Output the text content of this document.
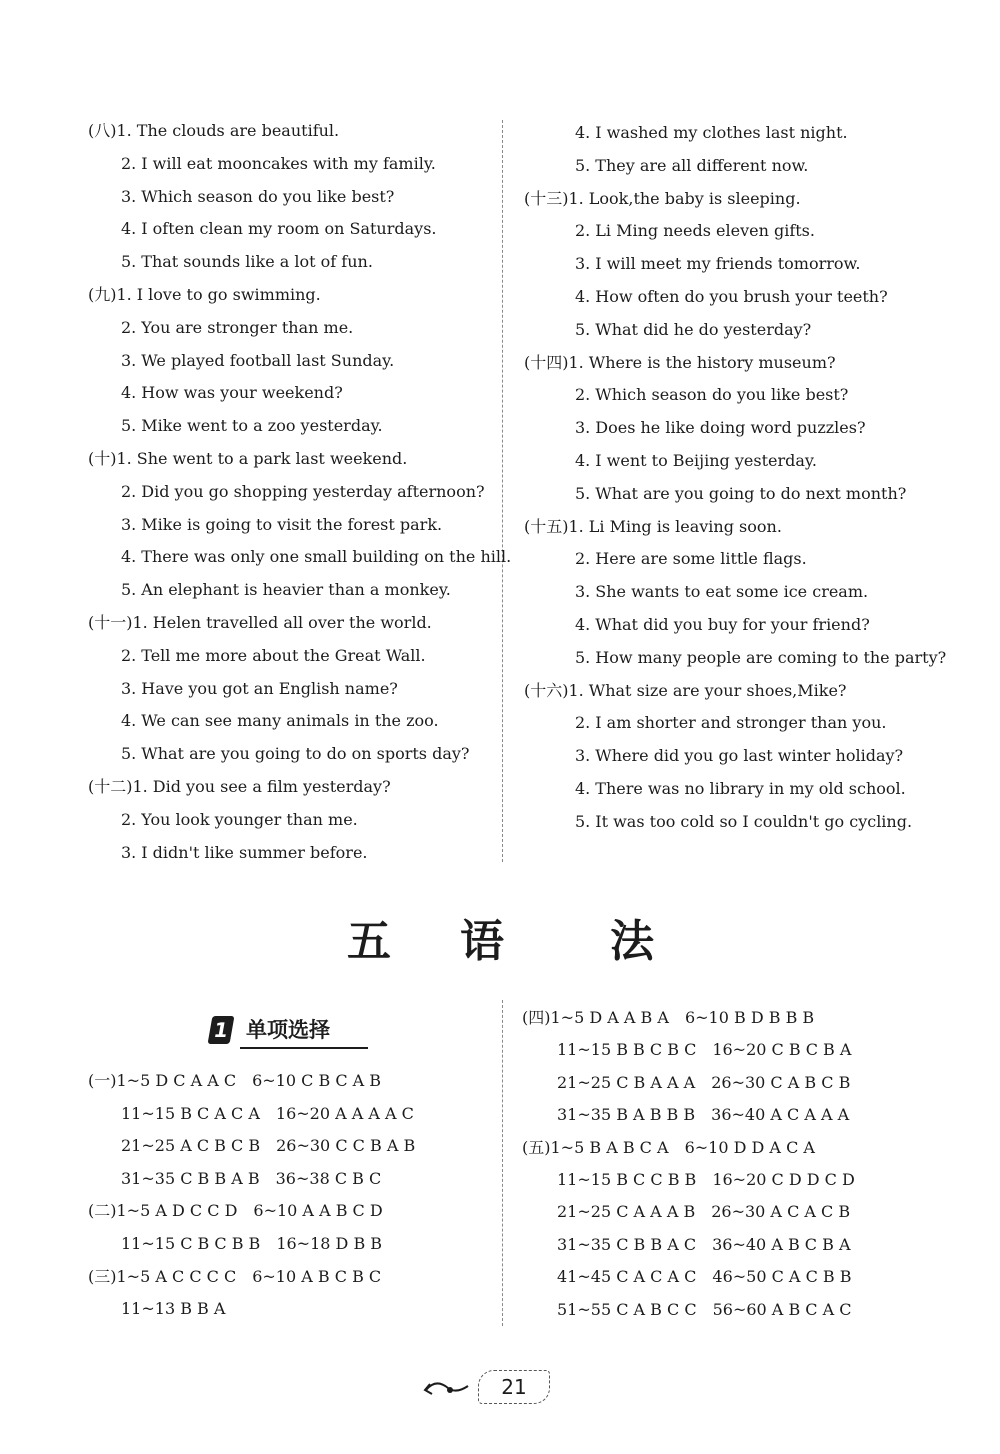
(八)1. The clouds are beautiful.
2. I will eat mooncakes with my family.
3. Which season do you like best?
4. I often clean my room on Saturdays.
5. That sounds like a lot of fun.
(九)1. I love to go swimming.
2. You are stronger than me.
3. We played football last Sunday.
4. How was your weekend?
5. Mike went to a zoo yesterday.
(十)1. She went to a park last weekend.
2. Did you go shopping yesterday afternoon?
3. Mike is going to visit the forest park.
4. There was only one small building on the hill.
5. An elephant is heavier than a monkey.
(十一)1. Helen travelled all over the world.
2. Tell me more about the Great Wall.
3. Have you got an English name?
4. We can see many animals in the zoo.
5. What are you going to do on sports day?
(十二)1. Did you see a film yesterday?
2. You look younger than me.
3. I didn't like summer before.
4. I washed my clothes last night.
5. They are all different now.
(十三)1. Look,the baby is sleeping.
2. Li Ming needs eleven gifts.
3. I will meet my friends tomorrow.
4. How often do you brush your teeth?
5. What did he do yesterday?
(十四)1. Where is the history museum?
2. Which season do you like best?
3. Does he like doing word puzzles?
4. I went to Beijing yesterday.
5. What are you going to do next month?
(十五)1. Li Ming is leaving soon.
2. Here are some little flags.
3. She wants to eat some ice cream.
4. What did you buy for your friend?
5. How many people are coming to the party?
(十六)1. What size are your shoes,Mike?
2. I am shorter and stronger than you.
3. Where did you go last winter holiday?
4. There was no library in my old school.
5. It was too cold so I couldn't go cycling.
五 语 法
1 单项选择
(一)1~5 D C A A C 6~10 C B C A B
11~15 B C A C A 16~20 A A A A C
21~25 A C B C B 26~30 C C B A B
31~35 C B B A B 36~38 C B C
(二)1~5 A D C C D 6~10 A A B C D
11~15 C B C B B 16~18 D B B
(三)1~5 A C C C C 6~10 A B C B C
11~13 B B A
(四)1~5 D A A B A 6~10 B D B B B
11~15 B B C B C 16~20 C B C B A
21~25 C B A A A 26~30 C A B C B
31~35 B A B B B 36~40 A C A A A
(五)1~5 B A B C A 6~10 D D A C A
11~15 B C C B B 16~20 C D D C D
21~25 C A A A B 26~30 A C A C B
31~35 C B B A C 36~40 A B C B A
41~45 C A C A C 46~50 C A C B B
51~55 C A B C C 56~60 A B C A C
21
